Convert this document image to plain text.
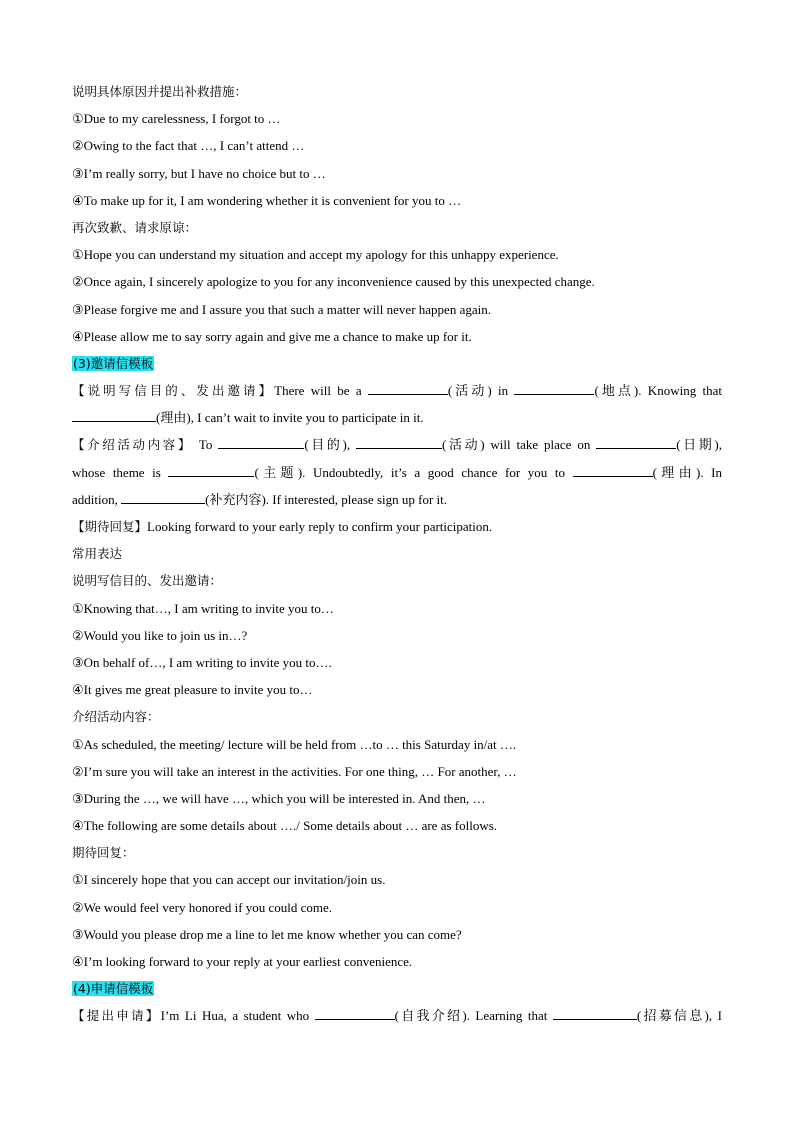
说明具体原因并提出补救措施：
①Due to my carelessness, I forgot to …
②Owing to the fact that …, I can’t attend …
③I’m really sorry, but I have no choice but to …
④To make up for it, I am wondering whether it is convenient for you to …
再次致歉、请求原谅：
①Hope you can understand my situation and accept my apology for this unhappy experience.
②Once again, I sincerely apologize to you for any inconvenience caused by this unexpected change.
③Please forgive me and I assure you that such a matter will never happen again.
④Please allow me to say sorry again and give me a chance to make up for it.
(3)邀请信模板
【说明写信目的、发出邀请】There will be a	(活动) in	(地点). Knowing that
(理由), I can’t wait to invite you to participate in it.
【介绍活动内容】 To	(目的),	(活动) will take place on	(日期),
whose theme is	(主题). Undoubtedly, it’s a good chance for you to	(理由). In
addition,	(补充内容). If interested, please sign up for it.
【期待回复】Looking forward to your early reply to confirm your participation.
常用表达
说明写信目的、发出邀请：
①Knowing that…, I am writing to invite you to…
②Would you like to join us in…?
③On behalf of…, I am writing to invite you to….
④It gives me great pleasure to invite you to…
介绍活动内容：
①As scheduled, the meeting/ lecture will be held from …to … this Saturday in/at ….
②I’m sure you will take an interest in the activities. For one thing, … For another, …
③During the …, we will have …, which you will be interested in. And then, …
④The following are some details about …./ Some details about … are as follows.
期待回复：
①I sincerely hope that you can accept our invitation/join us.
②We would feel very honored if you could come.
③Would you please drop me a line to let me know whether you can come?
④I’m looking forward to your reply at your earliest convenience.
(4)申请信模板
【提出申请】I’m Li Hua, a student who	(自我介绍). Learning that	(招募信息), I
